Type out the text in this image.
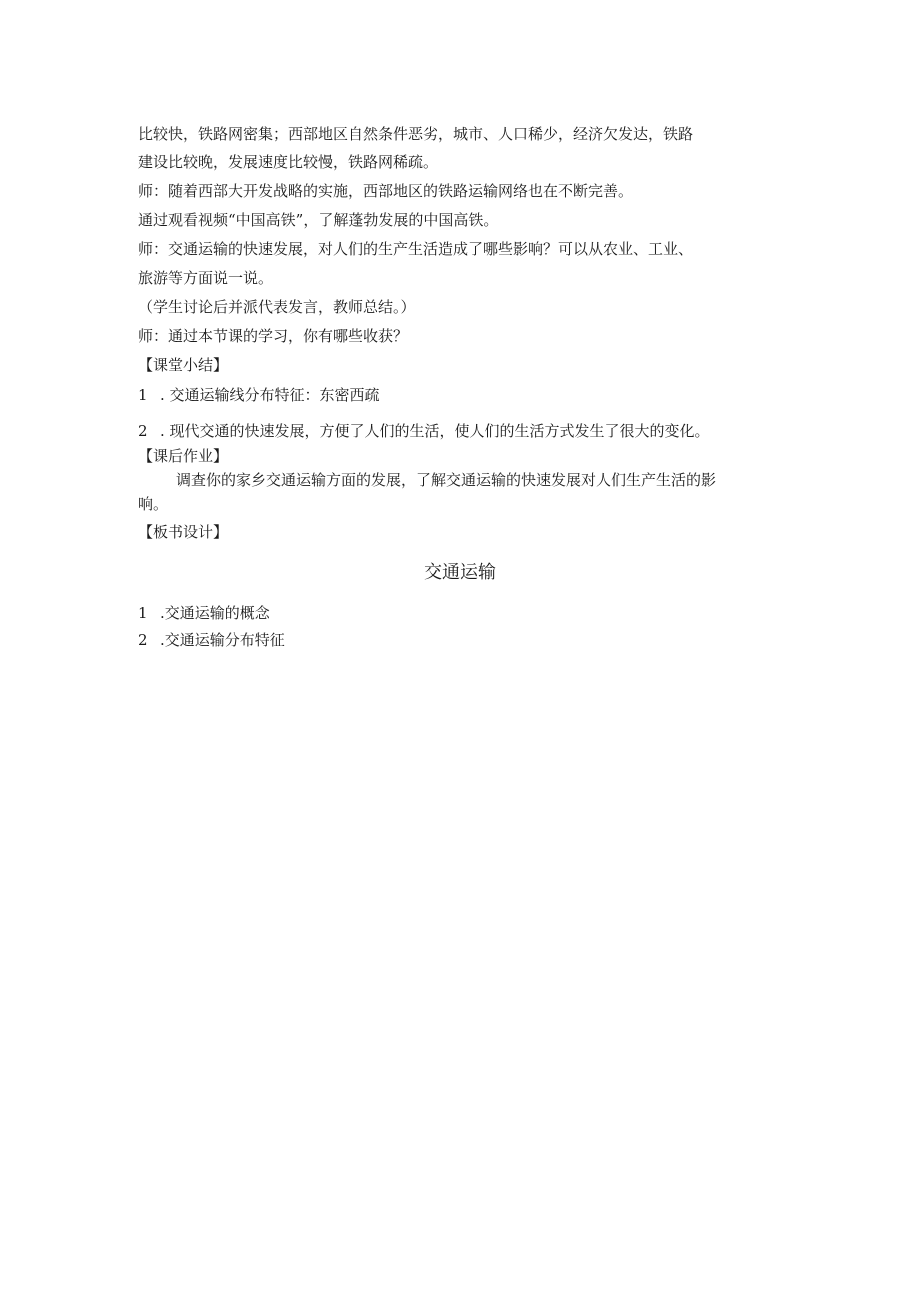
比较快，铁路网密集；西部地区自然条件恶劣，城市、人口稀少，经济欠发达，铁路
建设比较晚，发展速度比较慢，铁路网稀疏。
师：随着西部大开发战略的实施，西部地区的铁路运输网络也在不断完善。
通过观看视频“中国高铁”，了解蓬勃发展的中国高铁。
师：交通运输的快速发展，对人们的生产生活造成了哪些影响？可以从农业、工业、
旅游等方面说一说。
（学生讨论后并派代表发言，教师总结。）
师：通过本节课的学习，你有哪些收获？
【课堂小结】
1 . 交通运输线分布特征：东密西疏
2 . 现代交通的快速发展，方便了人们的生活，使人们的生活方式发生了很大的变化。
【课后作业】
调查你的家乡交通运输方面的发展，了解交通运输的快速发展对人们生产生活的影
响。
【板书设计】
交通运输
1 .交通运输的概念
2 .交通运输分布特征
